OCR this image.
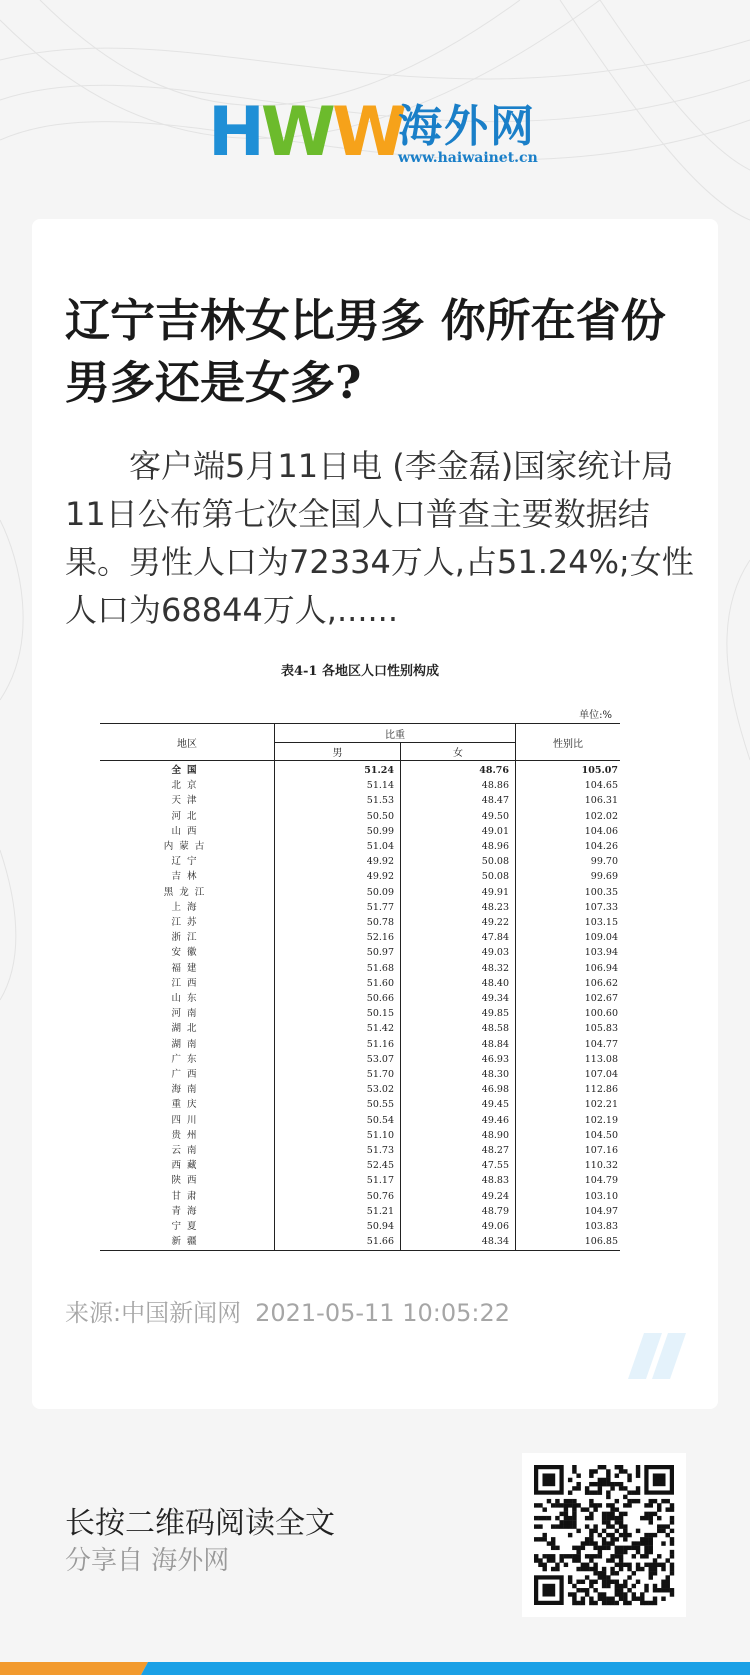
HWW
海外网
www.haiwainet.cn
辽宁吉林女比男多 你所在省份男多还是女多?

客户端5月11日电 (李金磊)国家统计局11日公布第七次全国人口普查主要数据结果。男性人口为72334万人,占51.24%;女性人口为68844万人,......

表4-1 各地区人口性别构成
单位:%
地区	比重		性别比
	男	女	
全国	51.24	48.76	105.07
北京	51.14	48.86	104.65
天津	51.53	48.47	106.31
河北	50.50	49.50	102.02
山西	50.99	49.01	104.06
内蒙古	51.04	48.96	104.26
辽宁	49.92	50.08	99.70
吉林	49.92	50.08	99.69
黑龙江	50.09	49.91	100.35
上海	51.77	48.23	107.33
江苏	50.78	49.22	103.15
浙江	52.16	47.84	109.04
安徽	50.97	49.03	103.94
福建	51.68	48.32	106.94
江西	51.60	48.40	106.62
山东	50.66	49.34	102.67
河南	50.15	49.85	100.60
湖北	51.42	48.58	105.83
湖南	51.16	48.84	104.77
广东	53.07	46.93	113.08
广西	51.70	48.30	107.04
海南	53.02	46.98	112.86
重庆	50.55	49.45	102.21
四川	50.54	49.46	102.19
贵州	51.10	48.90	104.50
云南	51.73	48.27	107.16
西藏	52.45	47.55	110.32
陕西	51.17	48.83	104.79
甘肃	50.76	49.24	103.10
青海	51.21	48.79	104.97
宁夏	50.94	49.06	103.83
新疆	51.66	48.34	106.85
来源:中国新闻网 2021-05-11 10:05:22
长按二维码阅读全文
分享自 海外网
